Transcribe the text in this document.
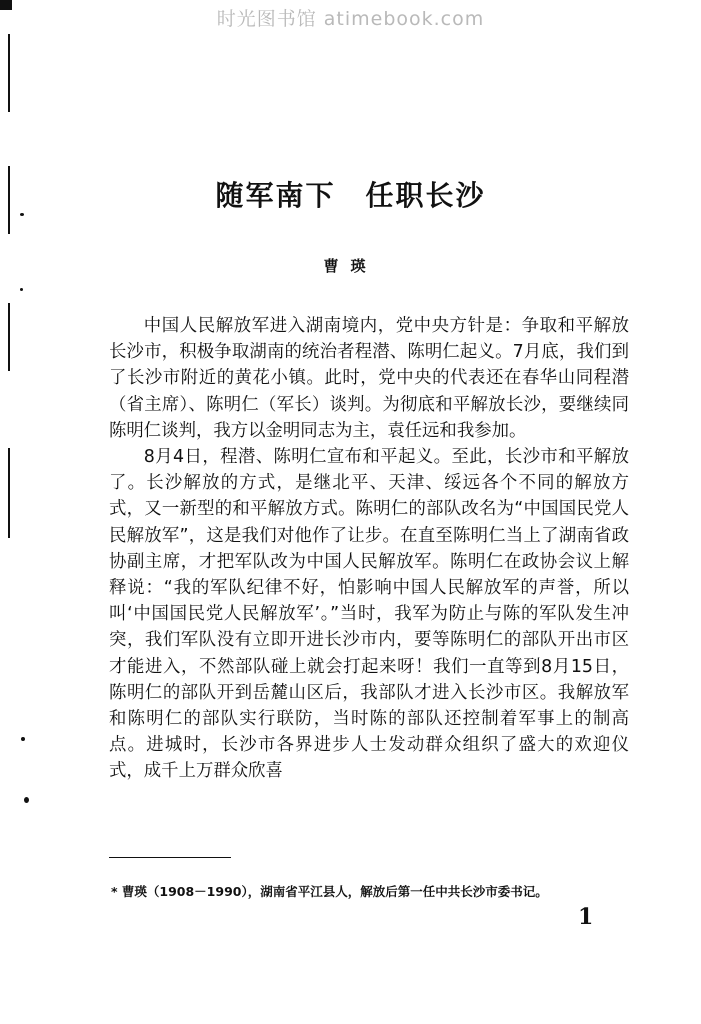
时光图书馆 atimebook.com
随军南下 任职长沙
曹瑛

中国人民解放军进入湖南境内，党中央方针是：争取和平解放长沙市，积极争取湖南的统治者程潜、陈明仁起义。7月底，我们到了长沙市附近的黄花小镇。此时，党中央的代表还在春华山同程潜（省主席）、陈明仁（军长）谈判。为彻底和平解放长沙，要继续同陈明仁谈判，我方以金明同志为主，袁任远和我参加。

8月4日，程潜、陈明仁宣布和平起义。至此，长沙市和平解放了。长沙解放的方式，是继北平、天津、绥远各个不同的解放方式，又一新型的和平解放方式。陈明仁的部队改名为“中国国民党人民解放军”，这是我们对他作了让步。在直至陈明仁当上了湖南省政协副主席，才把军队改为中国人民解放军。陈明仁在政协会议上解释说：“我的军队纪律不好，怕影响中国人民解放军的声誉，所以叫‘中国国民党人民解放军’。”当时，我军为防止与陈的军队发生冲突，我们军队没有立即开进长沙市内，要等陈明仁的部队开出市区才能进入，不然部队碰上就会打起来呀！我们一直等到8月15日，陈明仁的部队开到岳麓山区后，我部队才进入长沙市区。我解放军和陈明仁的部队实行联防，当时陈的部队还控制着军事上的制高点。进城时，长沙市各界进步人士发动群众组织了盛大的欢迎仪式，成千上万群众欣喜

* 曹瑛（1908－1990），湖南省平江县人，解放后第一任中共长沙市委书记。
1
